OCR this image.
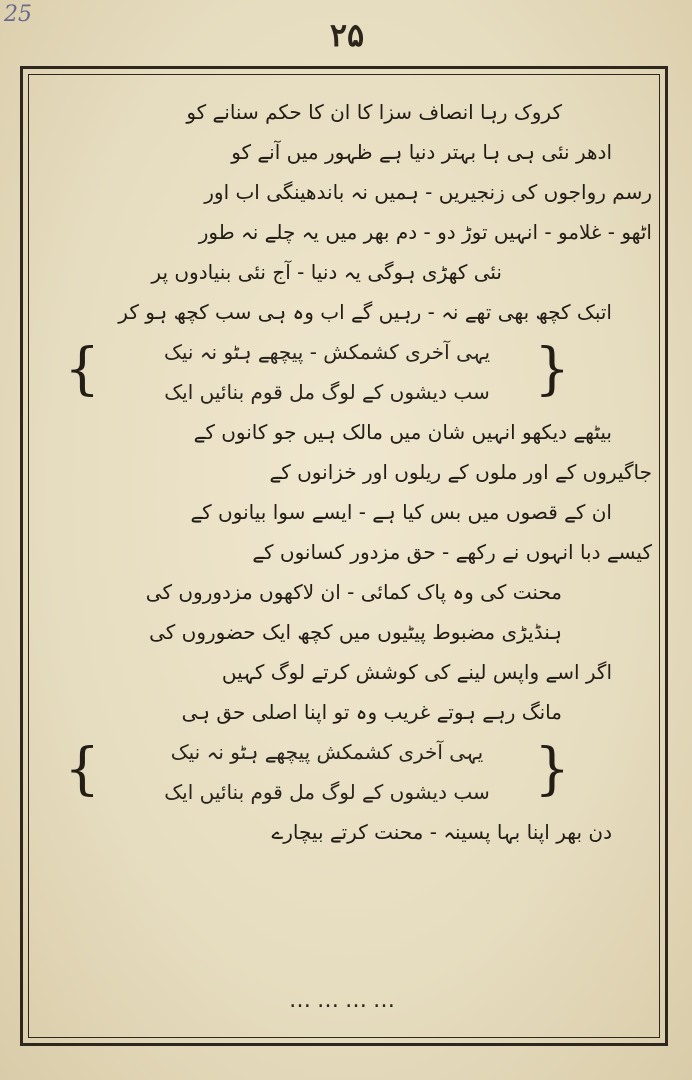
25
۲۵
کروک رہا انصاف سزا کا ان کا حکم سنانے کو
ادھر نئی ہی ہا بہتر دنیا ہے ظہور میں آنے کو
رسم رواجوں کی زنجیریں - ہمیں نہ باندھینگی اب اور
اٹھو - غلامو - انہیں توڑ دو - دم بھر میں یہ چلے نہ طور
نئی کھڑی ہوگی یہ دنیا - آج نئی بنیادوں پر
اتبک کچھ بھی تھے نہ - رہیں گے اب وہ ہی سب کچھ ہو کر
{
یہی آخری کشمکش - پیچھے ہٹو نہ نیک
سب دیشوں کے لوگ مل قوم بنائیں ایک
}
بیٹھے دیکھو انہیں شان میں مالک ہیں جو کانوں کے
جاگیروں کے اور ملوں کے ریلوں اور خزانوں کے
ان کے قصوں میں بس کیا ہے - ایسے سوا بیانوں کے
کیسے دبا انہوں نے رکھے - حق مزدور کسانوں کے
محنت کی وہ پاک کمائی - ان لاکھوں مزدوروں کی
ہنڈیڑی مضبوط پیٹیوں میں کچھ ایک حضوروں کی
اگر اسے واپس لینے کی کوشش کرتے لوگ کہیں
مانگ رہے ہوتے غریب وہ تو اپنا اصلی حق ہی
{
یہی آخری کشمکش پیچھے ہٹو نہ نیک
سب دیشوں کے لوگ مل قوم بنائیں ایک
}
دن بھر اپنا بہا پسینہ - محنت کرتے بیچارے
…………
